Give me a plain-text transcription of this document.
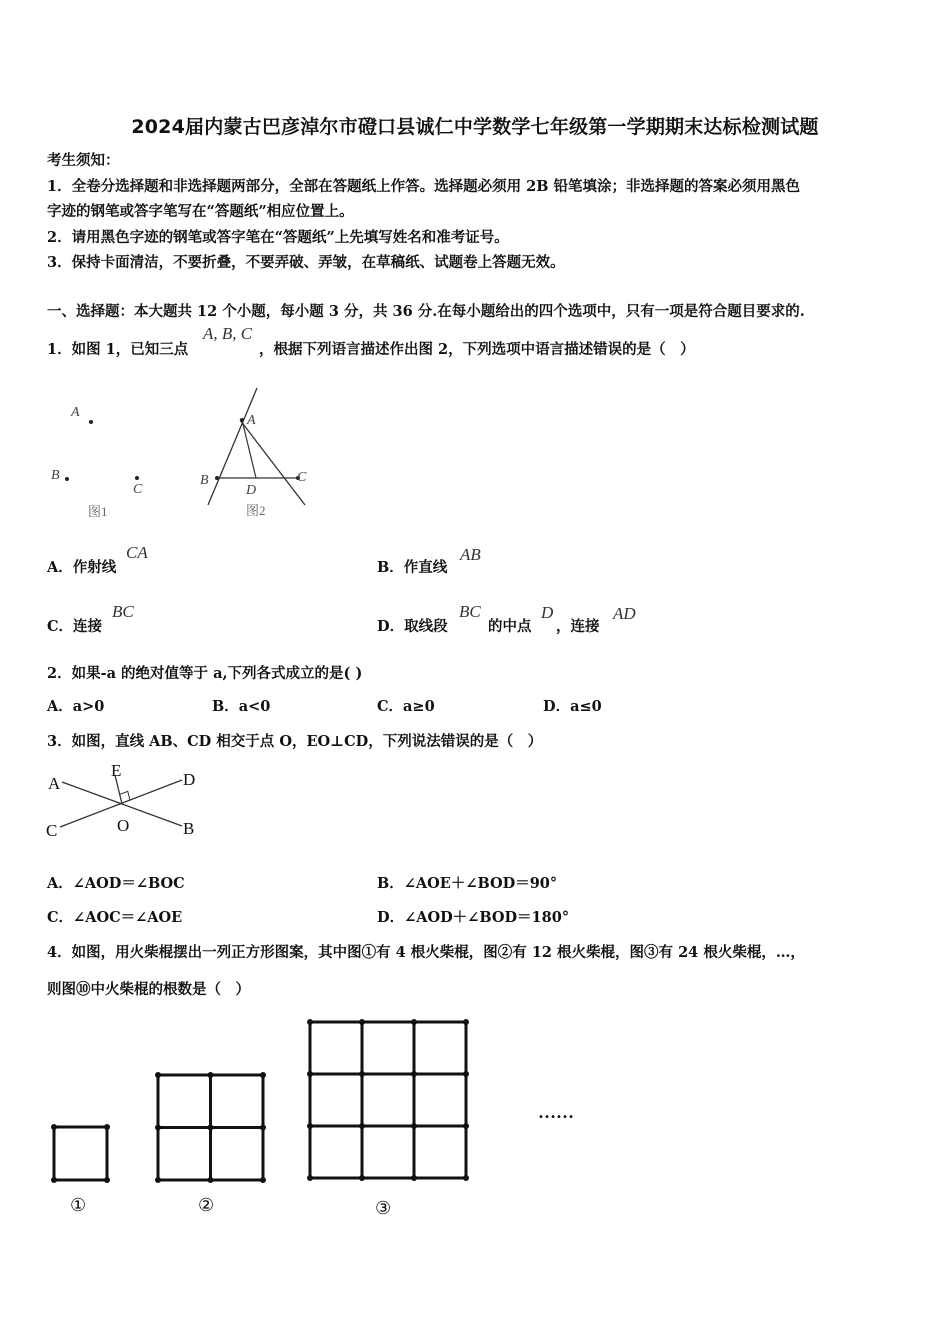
2024届内蒙古巴彦淖尔市磴口县诚仁中学数学七年级第一学期期末达标检测试题
考生须知：
1．全卷分选择题和非选择题两部分，全部在答题纸上作答。选择题必须用 2B 铅笔填涂；非选择题的答案必须用黑色
字迹的钢笔或答字笔写在“答题纸”相应位置上。
2．请用黑色字迹的钢笔或答字笔在“答题纸”上先填写姓名和准考证号。
3．保持卡面清洁，不要折叠，不要弄破、弄皱，在草稿纸、试题卷上答题无效。
一、选择题：本大题共 12 个小题，每小题 3 分，共 36 分.在每小题给出的四个选项中，只有一项是符合题目要求的.
1．如图 1，已知三点
A, B, C
，根据下列语言描述作出图 2，下列选项中语言描述错误的是（　）
A
B
C
图1
A
B	C
D
图2
A．作射线
CA
B．作直线
AB
C．连接
BC
D．取线段
BC
的中点
D
，连接
AD
2．如果-a 的绝对值等于 a,下列各式成立的是( )
A．a>0	B．a<0	C．a≥0	D．a≤0
3．如图，直线 AB、CD 相交于点 O，EO⊥CD，下列说法错误的是（　）
A
C
D
B
E
O
A．∠AOD＝∠BOC	B．∠AOE＋∠BOD＝90°
C．∠AOC＝∠AOE	D．∠AOD＋∠BOD＝180°
4．如图，用火柴棍摆出一列正方形图案，其中图①有 4 根火柴棍，图②有 12 根火柴棍，图③有 24 根火柴棍，…，
则图⑩中火柴棍的根数是（　）
……
①	②	③
